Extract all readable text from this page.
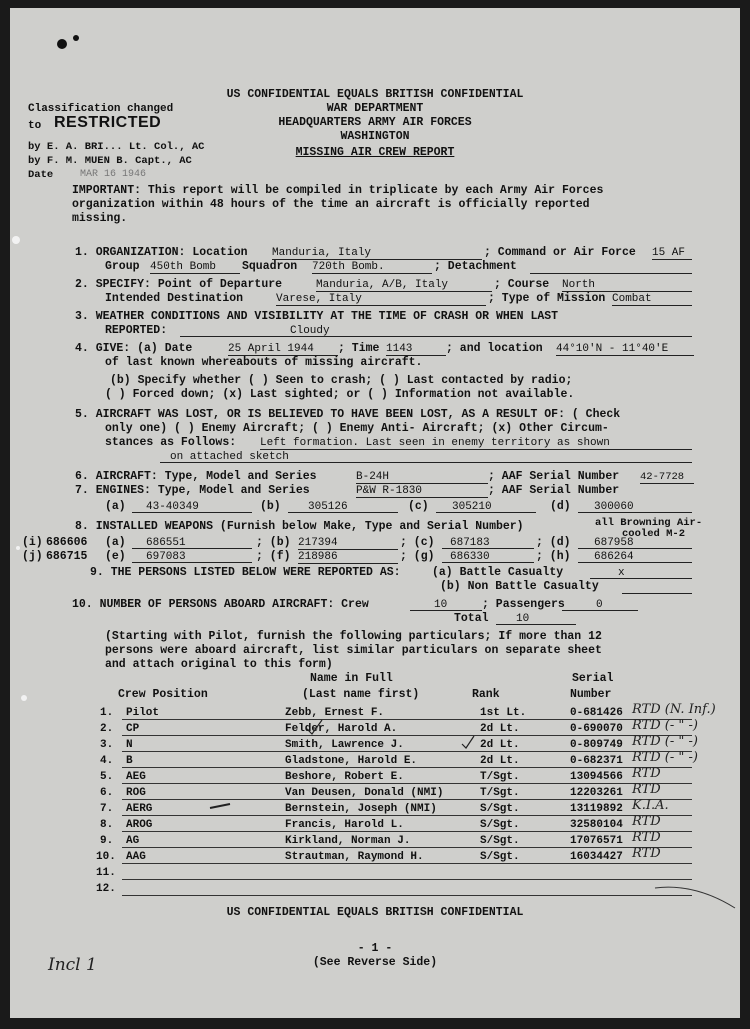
US CONFIDENTIAL EQUALS BRITISH CONFIDENTIAL
WAR DEPARTMENT
HEADQUARTERS ARMY AIR FORCES
WASHINGTON
MISSING AIR CREW REPORT
Classification changed
to RESTRICTED
by E. A. BRI... Lt. Col., AC
by F. M. MUEN B. Capt., AC
Date	MAR 16 1946
IMPORTANT: This report will be compiled in triplicate by each Army Air Forces
organization within 48 hours of the time an aircraft is officially reported
missing.
1. ORGANIZATION: Location Manduria, Italy	; Command or Air Force 15 AF
Group 450th Bomb	Squadron 720th Bomb.	; Detachment
2. SPECIFY: Point of Departure	Manduria, A/B, Italy	; Course North
Intended Destination	Varese, Italy	; Type of Mission Combat
3. WEATHER CONDITIONS AND VISIBILITY AT THE TIME OF CRASH OR WHEN LAST
REPORTED:	Cloudy
4. GIVE: (a) Date	25 April 1944	; Time 1143	; and location 44°10'N - 11°40'E
of last known whereabouts of missing aircraft.
(b) Specify whether ( ) Seen to crash; ( ) Last contacted by radio;
( ) Forced down; (x) Last sighted; or ( ) Information not available.
5. AIRCRAFT WAS LOST, OR IS BELIEVED TO HAVE BEEN LOST, AS A RESULT OF: ( Check
only one) ( ) Enemy Aircraft; ( ) Enemy Anti- Aircraft; (x) Other Circum-
stances as Follows: Left formation. Last seen in enemy territory as shown
on attached sketch
6. AIRCRAFT: Type, Model and Series	B-24H	; AAF Serial Number 42-7728
7. ENGINES: Type, Model and Series	P&W R-1830	; AAF Serial Number
(a)	43-40349	(b)	305126	(c)	305210	(d)	300060
8. INSTALLED WEAPONS (Furnish below Make, Type and Serial Number)	all Browning Air-
cooled M-2
(i) 686606 (a)	686551	; (b) 217394	; (c)	687183	; (d)	687958
(j) 686715 (e)	697083	; (f) 218986	; (g)	686330	; (h)	686264
9. THE PERSONS LISTED BELOW WERE REPORTED AS:	(a) Battle Casualty	x
(b) Non Battle Casualty
10. NUMBER OF PERSONS ABOARD AIRCRAFT: Crew	10	; Passengers	0
Total	10
(Starting with Pilot, furnish the following particulars; If more than 12
persons were aboard aircraft, list similar particulars on separate sheet
and attach original to this form)
Name in Full	Serial
Crew Position	(Last name first)	Rank	Number
1. Pilot	Zebb, Ernest F.	1st Lt.	0-681426 RTD (N. Inf.)
2. CP	Felder, Harold A.	2d Lt.	0-690070 RTD (- " -)
3. N	Smith, Lawrence J.	2d Lt.	0-809749 RTD (- " -)
4. B	Gladstone, Harold E.	2d Lt.	0-682371 RTD (- " -)
5. AEG	Beshore, Robert E.	T/Sgt.	13094566 RTD
6. ROG	Van Deusen, Donald (NMI)	T/Sgt.	12203261 RTD
7. AERG	Bernstein, Joseph (NMI)	S/Sgt.	13119892 K.I.A.
8. AROG	Francis, Harold L.	S/Sgt.	32580104 RTD
9. AG	Kirkland, Norman J.	S/Sgt.	17076571 RTD
10. AAG	Strautman, Raymond H.	S/Sgt.	16034427 RTD
11.
12.
US CONFIDENTIAL EQUALS BRITISH CONFIDENTIAL
- 1 -
(See Reverse Side)
Incl 1
